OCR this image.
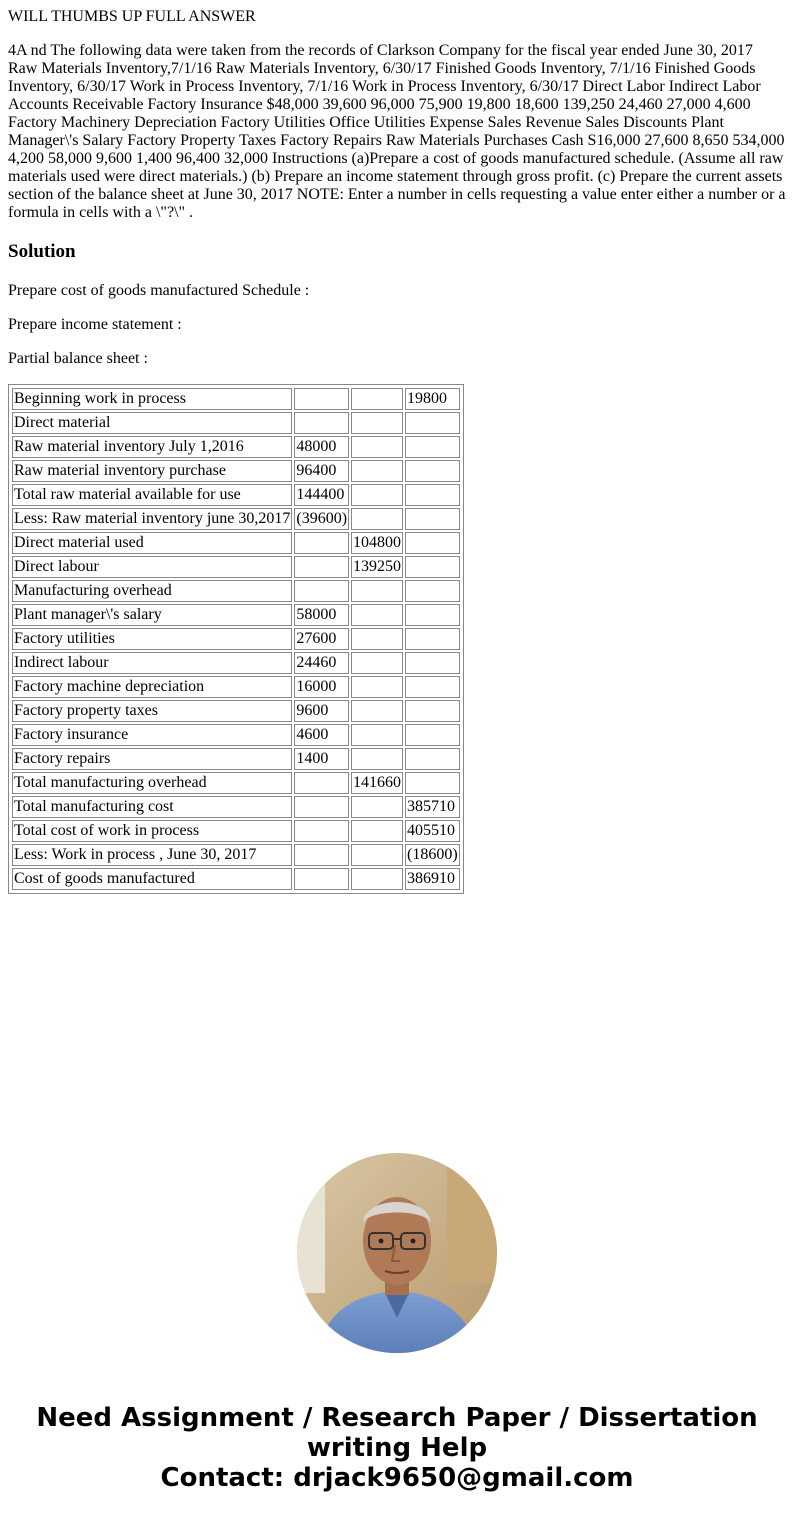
WILL THUMBS UP FULL ANSWER

4A nd The following data were taken from the records of Clarkson Company for the fiscal year ended June 30, 2017 Raw Materials Inventory,7/1/16 Raw Materials Inventory, 6/30/17 Finished Goods Inventory, 7/1/16 Finished Goods Inventory, 6/30/17 Work in Process Inventory, 7/1/16 Work in Process Inventory, 6/30/17 Direct Labor Indirect Labor Accounts Receivable Factory Insurance $48,000 39,600 96,000 75,900 19,800 18,600 139,250 24,460 27,000 4,600 Factory Machinery Depreciation Factory Utilities Office Utilities Expense Sales Revenue Sales Discounts Plant Manager\'s Salary Factory Property Taxes Factory Repairs Raw Materials Purchases Cash S16,000 27,600 8,650 534,000 4,200 58,000 9,600 1,400 96,400 32,000 Instructions (a)Prepare a cost of goods manufactured schedule. (Assume all raw materials used were direct materials.) (b) Prepare an income statement through gross profit. (c) Prepare the current assets section of the balance sheet at June 30, 2017 NOTE: Enter a number in cells requesting a value enter either a number or a formula in cells with a \"?\" .

Solution

Prepare cost of goods manufactured Schedule :

Prepare income statement :

Partial balance sheet :

Beginning work in process			19800
Direct material			
Raw material inventory July 1,2016	48000		
Raw material inventory purchase	96400		
Total raw material available for use	144400		
Less: Raw material inventory june 30,2017	(39600)		
Direct material used		104800	
Direct labour		139250	
Manufacturing overhead			
Plant manager\'s salary	58000		
Factory utilities	27600		
Indirect labour	24460		
Factory machine depreciation	16000		
Factory property taxes	9600		
Factory insurance	4600		
Factory repairs	1400		
Total manufacturing overhead		141660	
Total manufacturing cost			385710
Total cost of work in process			405510
Less: Work in process , June 30, 2017			(18600)
Cost of goods manufactured			386910
Need Assignment / Research Paper / Dissertation
writing Help
Contact: drjack9650@gmail.com
